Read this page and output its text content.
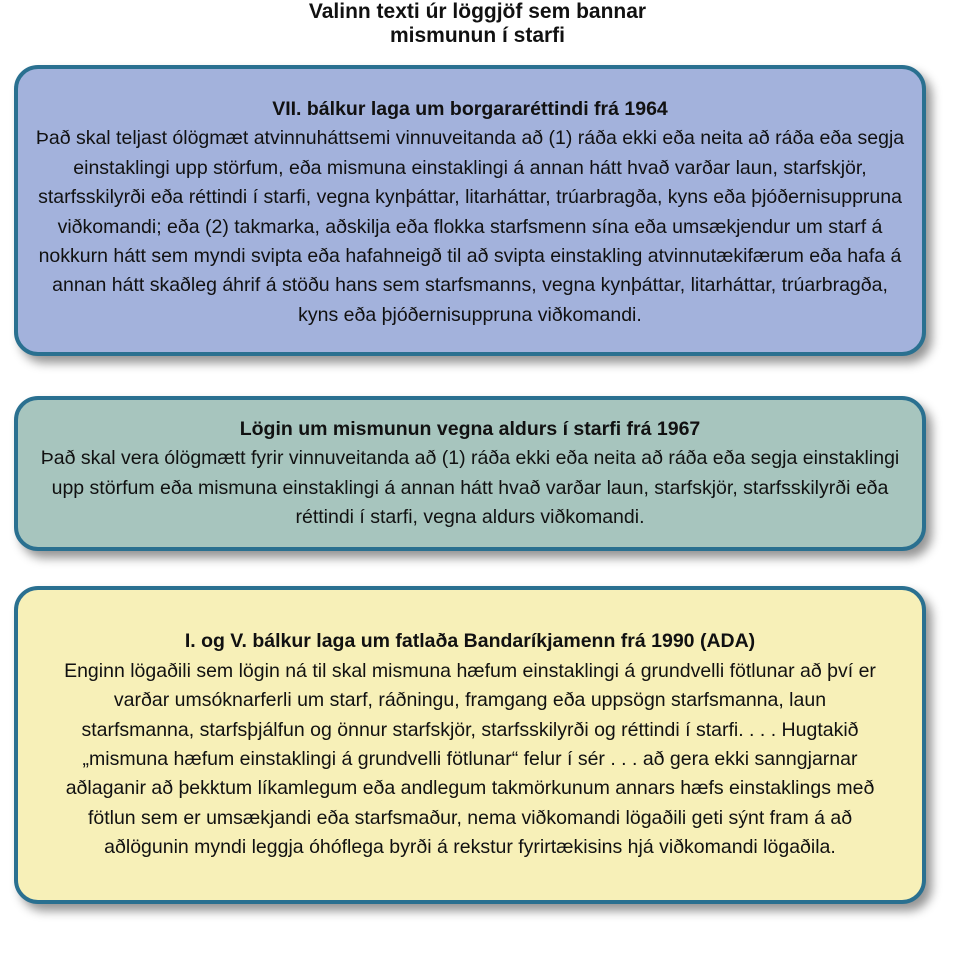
Valinn texti úr löggjöf sem bannar mismunun í starfi
VII. bálkur laga um borgararéttindi frá 1964

Það skal teljast ólögmæt atvinnuháttsemi vinnuveitanda að (1) ráða ekki eða neita að ráða eða segja einstaklingi upp störfum, eða mismuna einstaklingi á annan hátt hvað varðar laun, starfskjör, starfsskilyrði eða réttindi í starfi, vegna kynþáttar, litarháttar, trúarbragða, kyns eða þjóðernisuppruna viðkomandi; eða (2) takmarka, aðskilja eða flokka starfsmenn sína eða umsækjendur um starf á nokkurn hátt sem myndi svipta eða hafahneigð til að svipta einstakling atvinnutækifærum eða hafa á annan hátt skaðleg áhrif á stöðu hans sem starfsmanns, vegna kynþáttar, litarháttar, trúarbragða, kyns eða þjóðernisuppruna viðkomandi.

Lögin um mismunun vegna aldurs í starfi frá 1967

Það skal vera ólögmætt fyrir vinnuveitanda að (1) ráða ekki eða neita að ráða eða segja einstaklingi upp störfum eða mismuna einstaklingi á annan hátt hvað varðar laun, starfskjör, starfsskilyrði eða réttindi í starfi, vegna aldurs viðkomandi.

I. og V. bálkur laga um fatlaða Bandaríkjamenn frá 1990 (ADA)

Enginn lögaðili sem lögin ná til skal mismuna hæfum einstaklingi á grundvelli fötlunar að því er varðar umsóknarferli um starf, ráðningu, framgang eða uppsögn starfsmanna, laun starfsmanna, starfsþjálfun og önnur starfskjör, starfsskilyrði og réttindi í starfi. . . . Hugtakið „mismuna hæfum einstaklingi á grundvelli fötlunar“ felur í sér . . . að gera ekki sanngjarnar aðlaganir að þekktum líkamlegum eða andlegum takmörkunum annars hæfs einstaklings með fötlun sem er umsækjandi eða starfsmaður, nema viðkomandi lögaðili geti sýnt fram á að aðlögunin myndi leggja óhóflega byrði á rekstur fyrirtækisins hjá viðkomandi lögaðila.
